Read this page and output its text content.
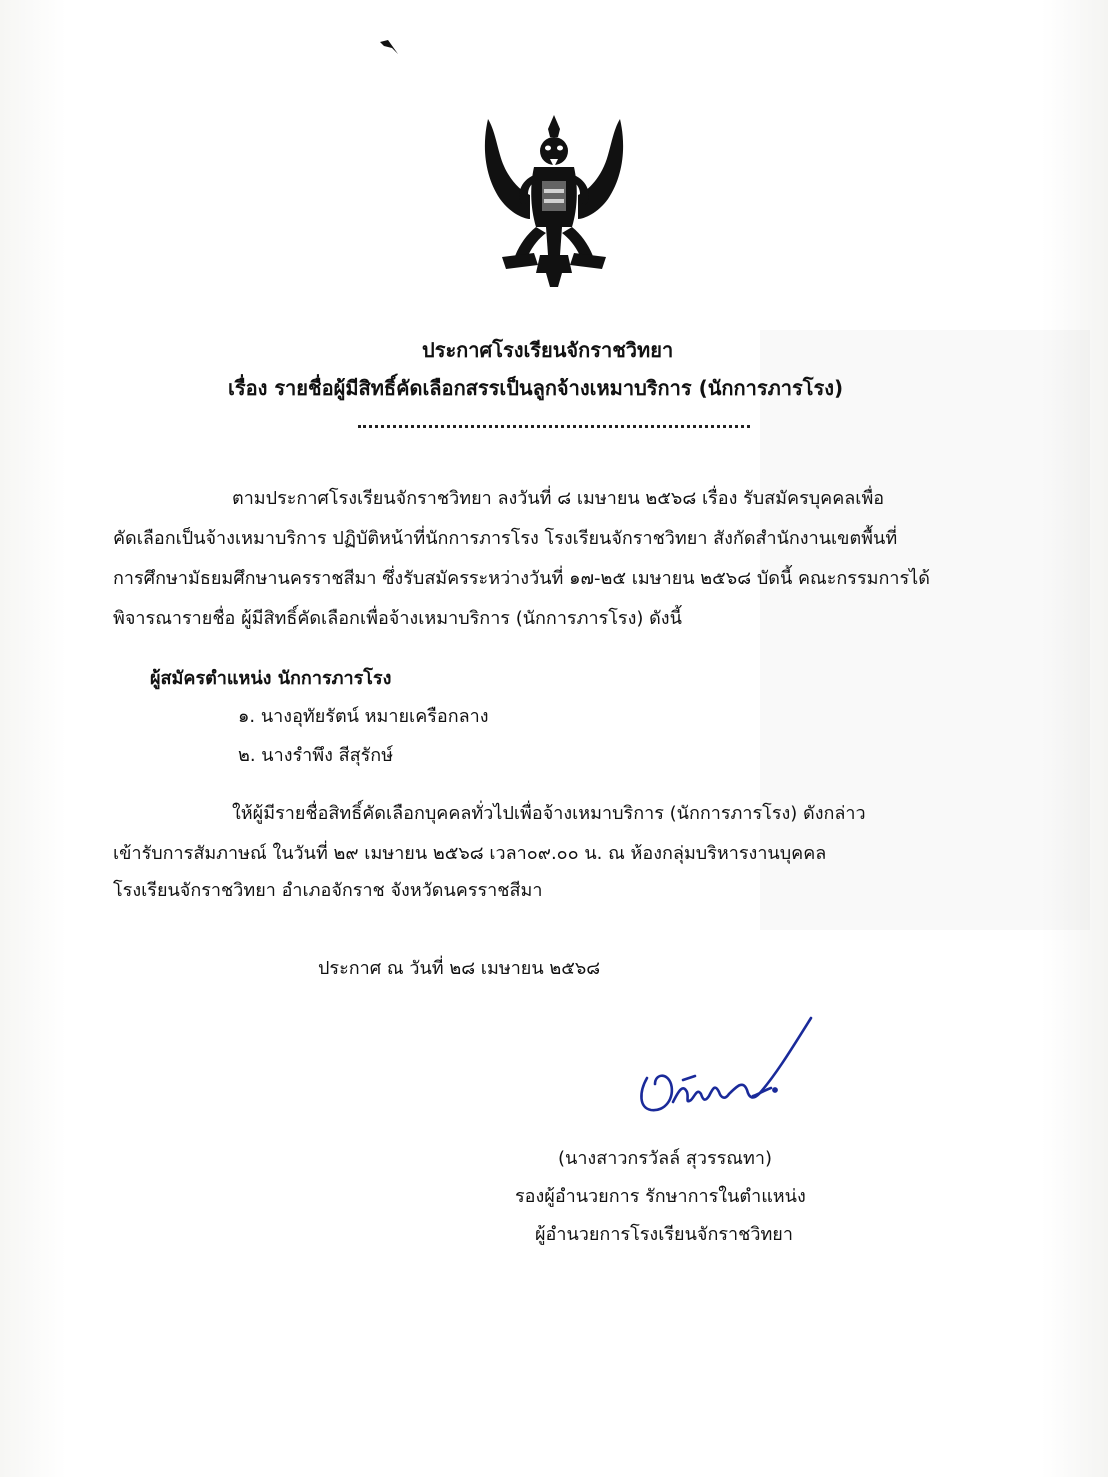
ประกาศโรงเรียนจักราชวิทยา
เรื่อง รายชื่อผู้มีสิทธิ์คัดเลือกสรรเป็นลูกจ้างเหมาบริการ (นักการภารโรง)
ตามประกาศโรงเรียนจักราชวิทยา ลงวันที่ ๘ เมษายน ๒๕๖๘ เรื่อง รับสมัครบุคคลเพื่อ
คัดเลือกเป็นจ้างเหมาบริการ ปฏิบัติหน้าที่นักการภารโรง โรงเรียนจักราชวิทยา สังกัดสำนักงานเขตพื้นที่
การศึกษามัธยมศึกษานครราชสีมา ซึ่งรับสมัครระหว่างวันที่ ๑๗-๒๕ เมษายน ๒๕๖๘ บัดนี้ คณะกรรมการได้
พิจารณารายชื่อ ผู้มีสิทธิ์คัดเลือกเพื่อจ้างเหมาบริการ (นักการภารโรง) ดังนี้
ผู้สมัครตำแหน่ง นักการภารโรง
๑. นางอุทัยรัตน์ หมายเครือกลาง
๒. นางรำพึง สีสุรักษ์
ให้ผู้มีรายชื่อสิทธิ์คัดเลือกบุคคลทั่วไปเพื่อจ้างเหมาบริการ (นักการภารโรง) ดังกล่าว
เข้ารับการสัมภาษณ์ ในวันที่ ๒๙ เมษายน ๒๕๖๘ เวลา๐๙.๐๐ น. ณ ห้องกลุ่มบริหารงานบุคคล
โรงเรียนจักราชวิทยา อำเภอจักราช จังหวัดนครราชสีมา
ประกาศ ณ วันที่ ๒๘ เมษายน ๒๕๖๘
(นางสาวกรวัลล์ สุวรรณทา)
รองผู้อำนวยการ รักษาการในตำแหน่ง
ผู้อำนวยการโรงเรียนจักราชวิทยา
